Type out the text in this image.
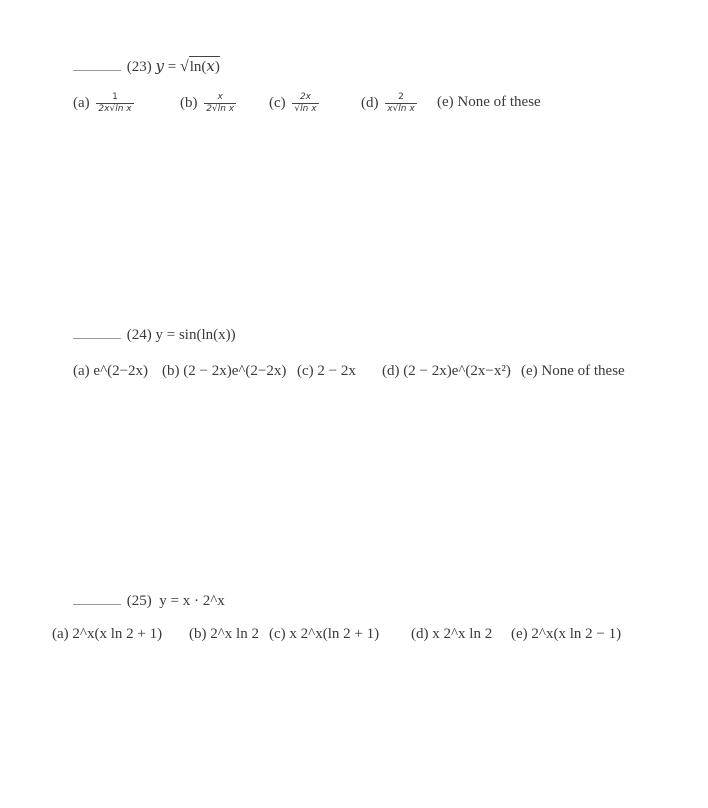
(23) y = √ln(x)
$(a) \frac{1}{\text{2x√ln x}}$	$(b) \frac{x}{\text{2√ln x}} (c) \frac{2x}{\text{√ln x}}$	$(d) \frac{2}{\text{x√ln x}} (e)$ None of these
(24) y = sin(ln(x))
(a) e^(2−2x) (b) (2 − 2x)e^(2−2x) (c) 2 − 2x (d) (2 − 2x)e^(2x−x²) (e) None of these
(25) y = x · 2^x
(a) 2^x(x ln 2 + 1) (b) 2^x ln 2 (c) x 2^x(ln 2 + 1) (d) x 2^x ln 2 (e) 2^x(x ln 2 − 1)
